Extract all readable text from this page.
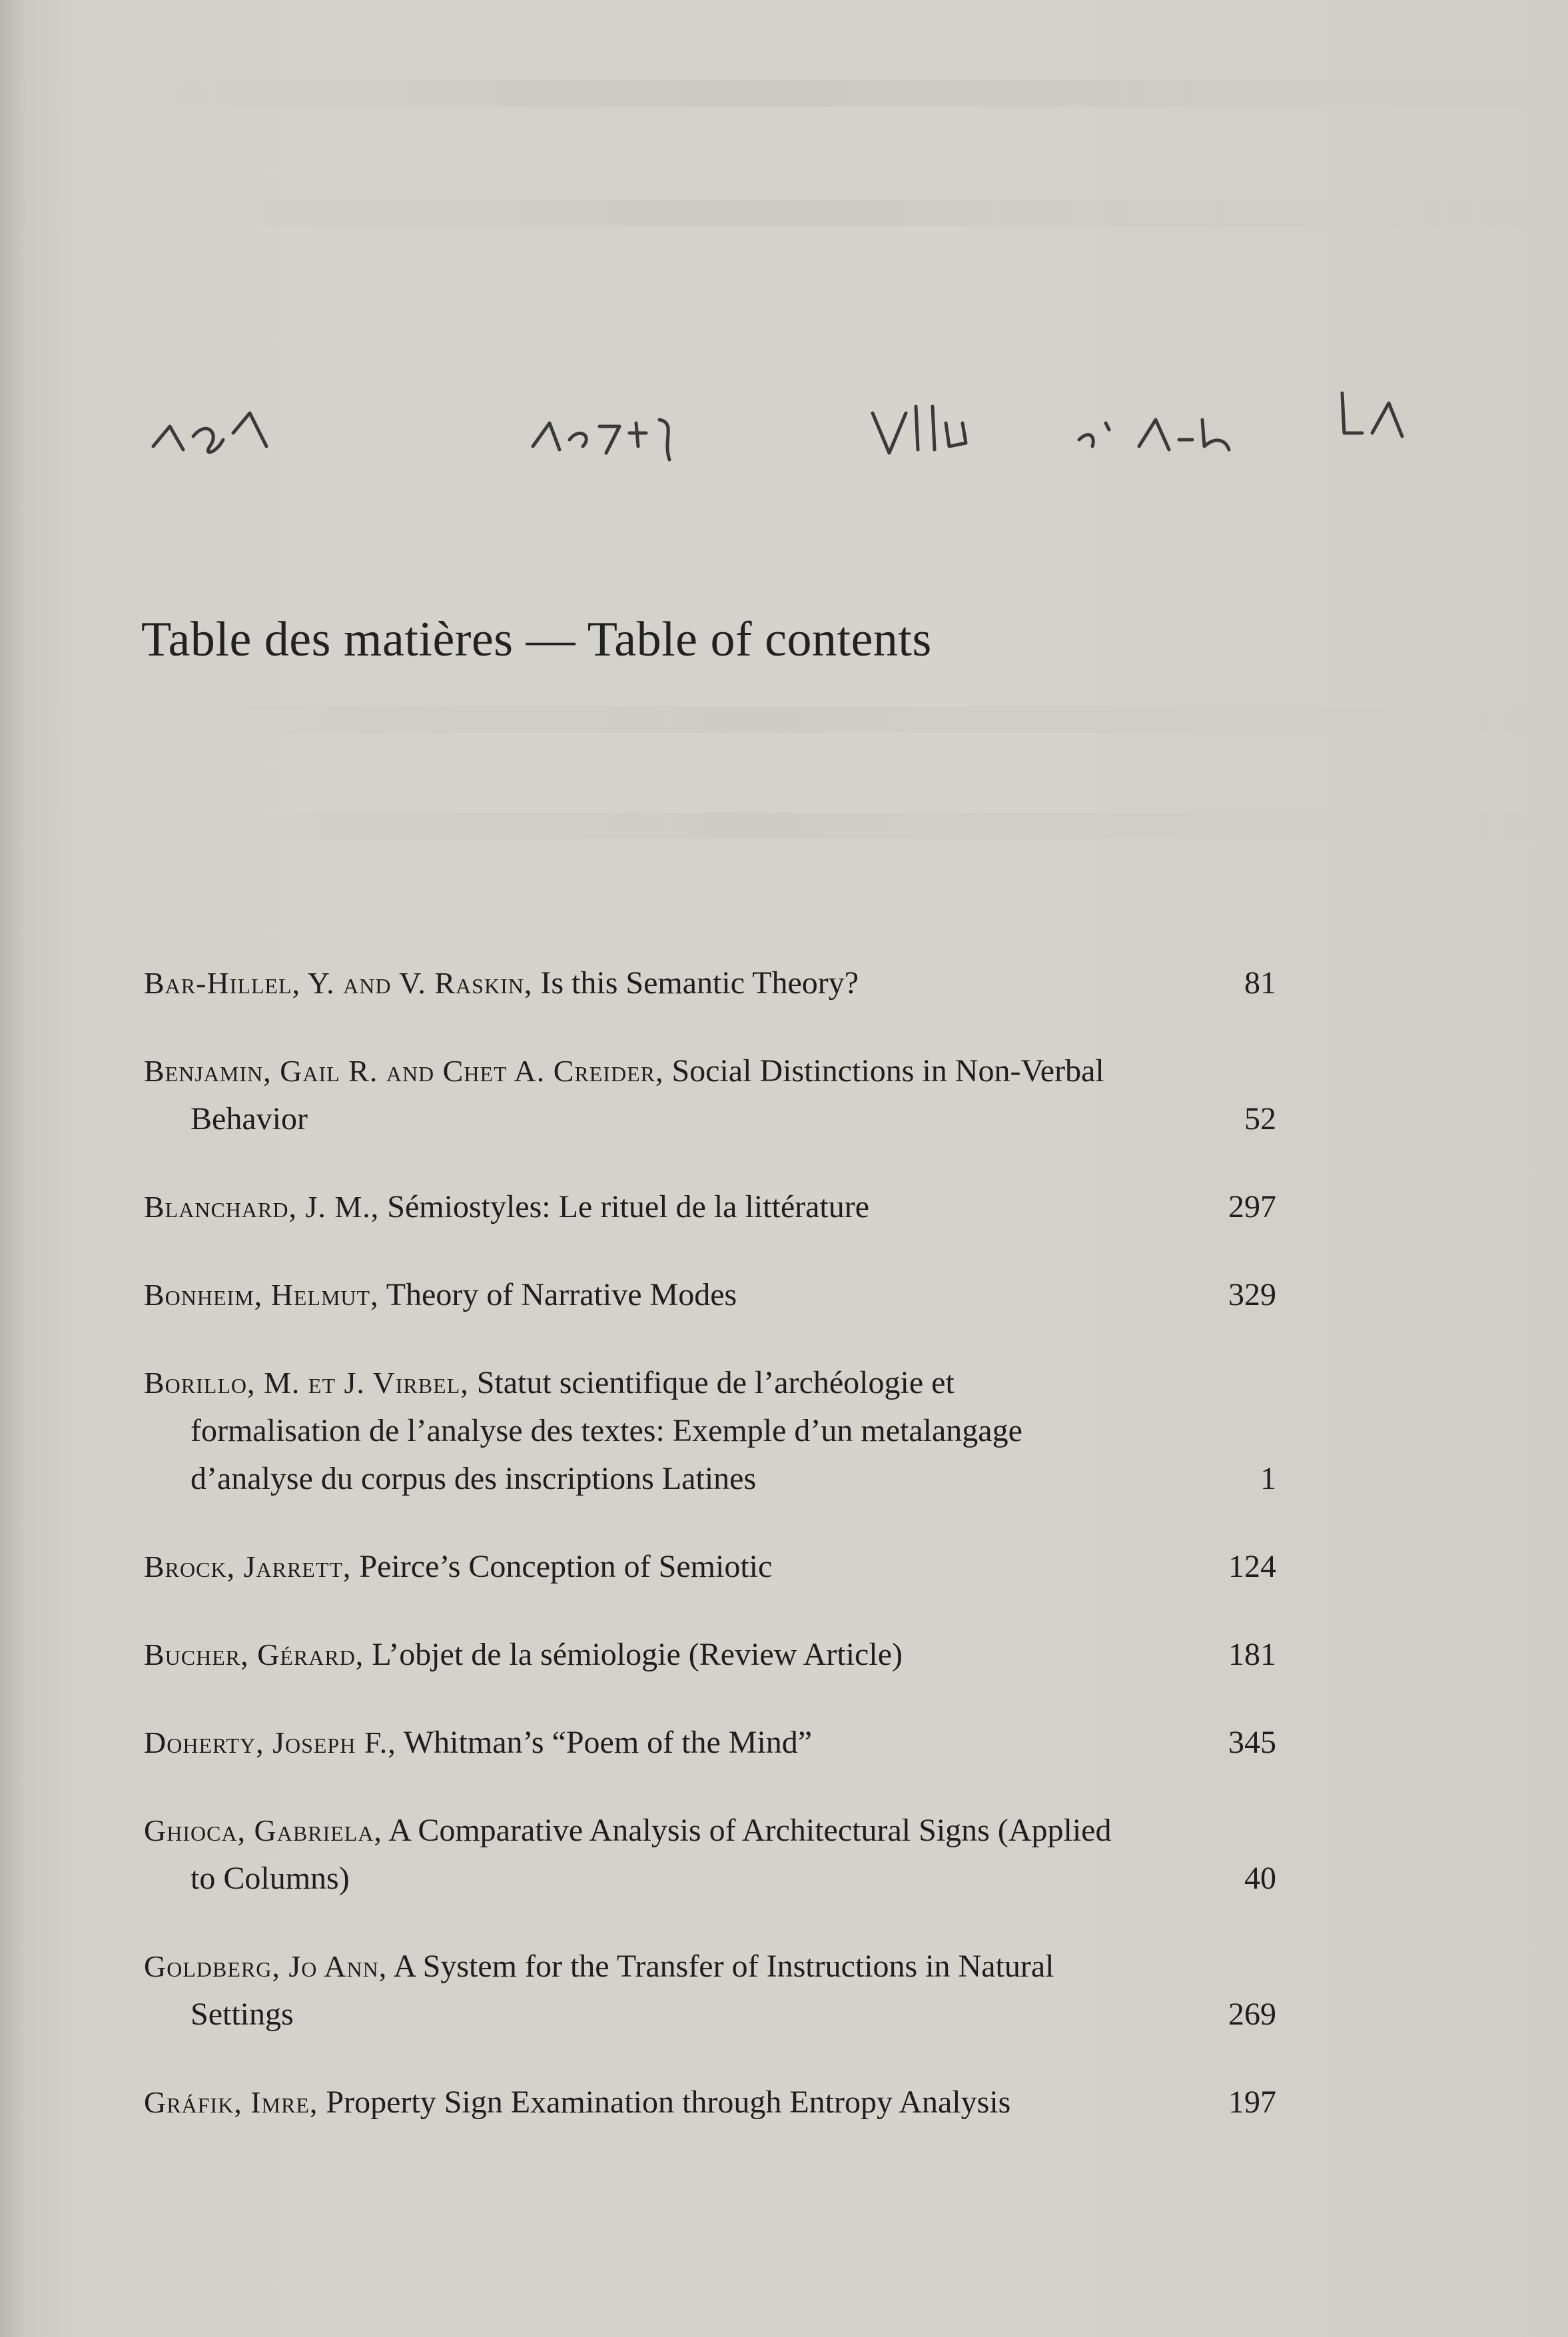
Table des matières — Table of contents
Bar-Hillel, Y. and V. Raskin, Is this Semantic Theory?	81
Benjamin, Gail R. and Chet A. Creider, Social Distinctions in Non-Verbal Behavior	52
Blanchard, J. M., Sémiostyles: Le rituel de la littérature	297
Bonheim, Helmut, Theory of Narrative Modes	329
Borillo, M. et J. Virbel, Statut scientifique de l’archéologie et formalisation de l’analyse des textes: Exemple d’un metalangage d’analyse du corpus des inscriptions Latines	1
Brock, Jarrett, Peirce’s Conception of Semiotic	124
Bucher, Gérard, L’objet de la sémiologie (Review Article)	181
Doherty, Joseph F., Whitman’s “Poem of the Mind”	345
Ghioca, Gabriela, A Comparative Analysis of Architectural Signs (Applied to Columns)	40
Goldberg, Jo Ann, A System for the Transfer of Instructions in Natural Settings	269
Gráfik, Imre, Property Sign Examination through Entropy Analysis	197
